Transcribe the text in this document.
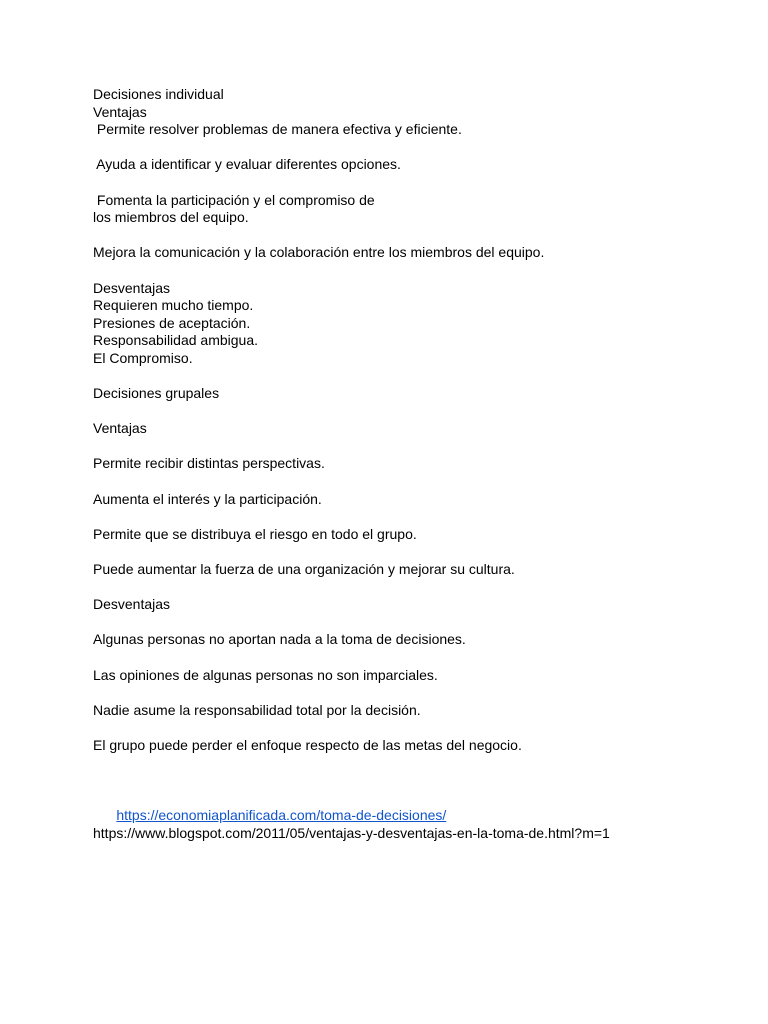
Decisiones individual
Ventajas
Permite resolver problemas de manera efectiva y eficiente.
Ayuda a identificar y evaluar diferentes opciones.
Fomenta la participación y el compromiso de
los miembros del equipo.
Mejora la comunicación y la colaboración entre los miembros del equipo.
Desventajas
Requieren mucho tiempo.
Presiones de aceptación.
Responsabilidad ambigua.
El Compromiso.
Decisiones grupales
Ventajas
Permite recibir distintas perspectivas.
Aumenta el interés y la participación.
Permite que se distribuya el riesgo en todo el grupo.
Puede aumentar la fuerza de una organización y mejorar su cultura.
Desventajas
Algunas personas no aportan nada a la toma de decisiones.
Las opiniones de algunas personas no son imparciales.
Nadie asume la responsabilidad total por la decisión.
El grupo puede perder el enfoque respecto de las metas del negocio.

https://economiaplanificada.com/toma-de-decisiones/

https://www.blogspot.com/2011/05/ventajas-y-desventajas-en-la-toma-de.html?m=1
